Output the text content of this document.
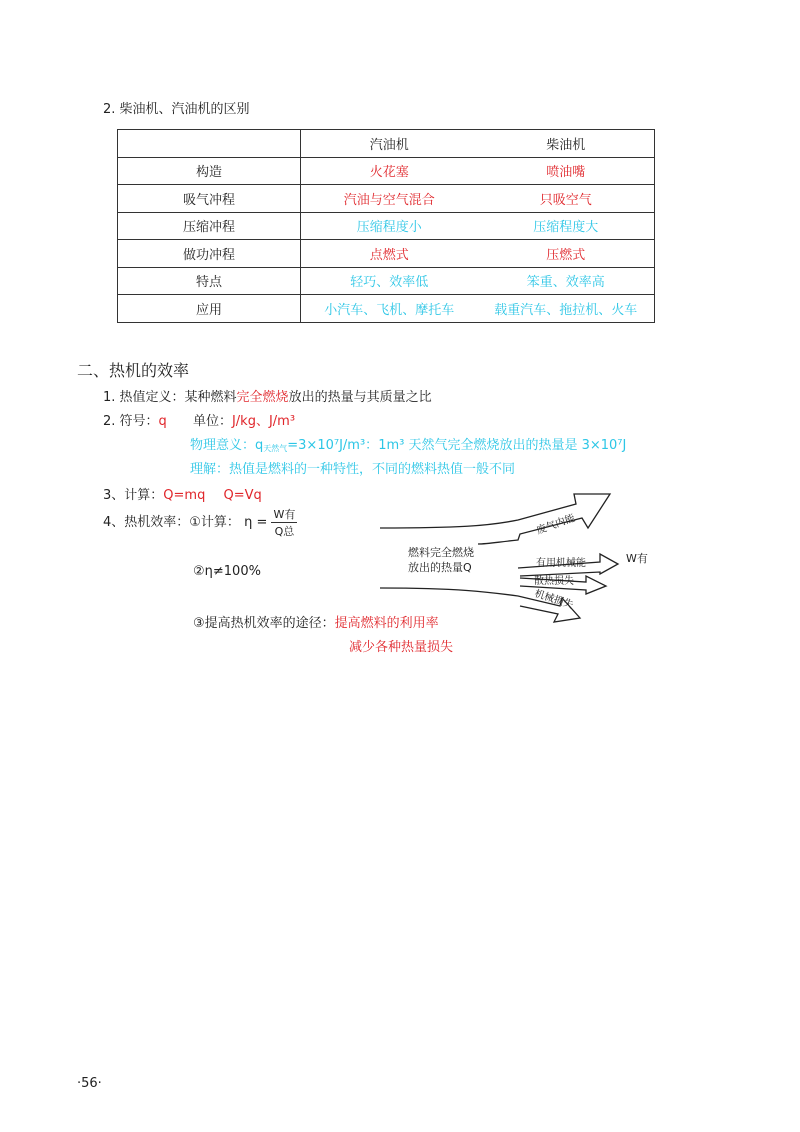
2. 柴油机、汽油机的区别

	汽油机 柴油机

构造	火花塞 喷油嘴

吸气冲程	汽油与空气混合 只吸空气

压缩冲程	压缩程度小 压缩程度大

做功冲程	点燃式 压燃式

特点	轻巧、效率低 笨重、效率高

应用	小汽车、飞机、摩托车 载重汽车、拖拉机、火车
二、热机的效率
1. 热值定义：某种燃料完全燃烧放出的热量与其质量之比
2. 符号：q 单位：J/kg、J/m³
物理意义：$q_{天然气}=3\times 10^7J/m^3$：1m³ 天然气完全燃烧放出的热量是 3×10⁷J
理解：热值是燃料的一种特性，不同的燃料热值一般不同
3、计算：Q=mq Q=Vq
4、热机效率：①计算： $\eta = \frac{\text{W有}}{\text{Q总}}$
②η≠100%
③提高热机效率的途径：提高燃料的利用率
减少各种热量损失
燃料完全燃烧
放出的热量Q
废气内能
有用机械能
散热损失
机械损失
W有
·56·
